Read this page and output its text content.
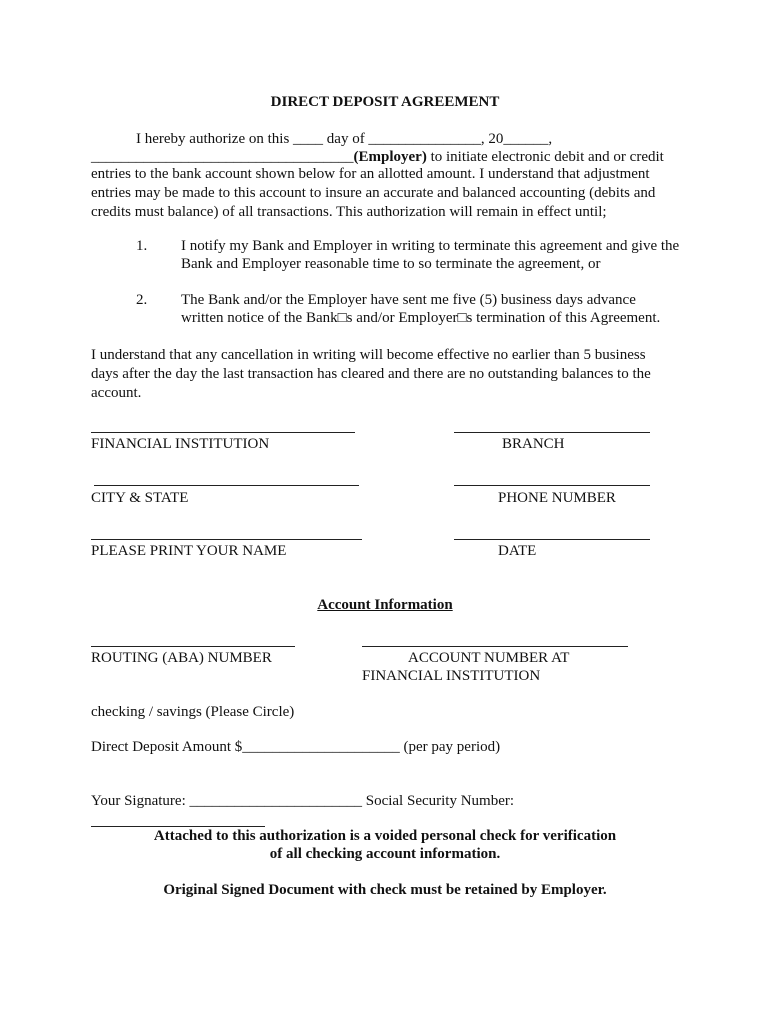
DIRECT DEPOSIT AGREEMENT
I hereby authorize on this ____ day of _______________, 20______,
___________________________________(Employer) to initiate electronic debit and or credit
entries to the bank account shown below for an allotted amount. I understand that adjustment entries may be made to this account to insure an accurate and balanced accounting (debits and credits must balance) of all transactions. This authorization will remain in effect until;
1. I notify my Bank and Employer in writing to terminate this agreement and give the Bank and Employer reasonable time to so terminate the agreement, or
2. The Bank and/or the Employer have sent me five (5) business days advance written notice of the Bank□s and/or Employer□s termination of this Agreement.
I understand that any cancellation in writing will become effective no earlier than 5 business days after the day the last transaction has cleared and there are no outstanding balances to the account.
FINANCIAL INSTITUTION	BRANCH
CITY & STATE	PHONE NUMBER
PLEASE PRINT YOUR NAME	DATE
Account Information
ROUTING (ABA) NUMBER	ACCOUNT NUMBER AT
FINANCIAL INSTITUTION
checking / savings (Please Circle)
Direct Deposit Amount $_____________________ (per pay period)
Your Signature: _______________________ Social Security Number:
Attached to this authorization is a voided personal check for verification
of all checking account information.
Original Signed Document with check must be retained by Employer.
